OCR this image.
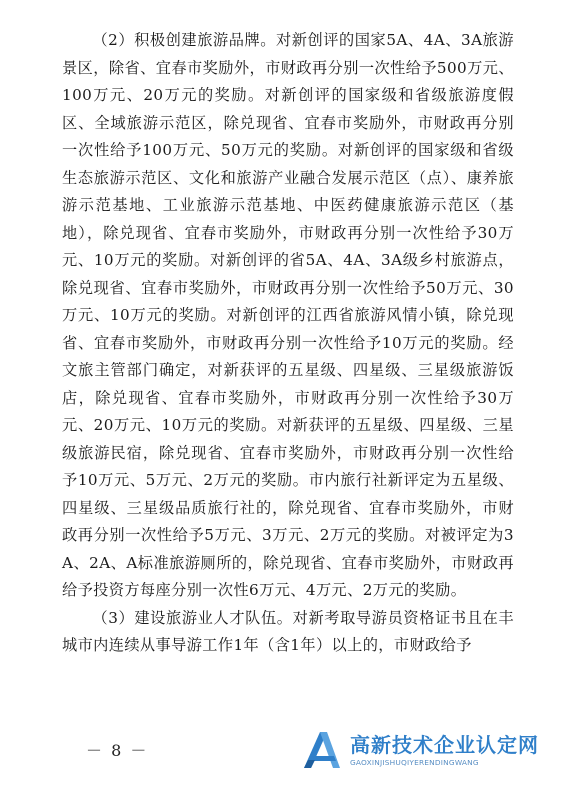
（2）积极创建旅游品牌。对新创评的国家5A、4A、3A旅游景区，除省、宜春市奖励外，市财政再分别一次性给予500万元、100万元、20万元的奖励。对新创评的国家级和省级旅游度假区、全域旅游示范区，除兑现省、宜春市奖励外，市财政再分别一次性给予100万元、50万元的奖励。对新创评的国家级和省级生态旅游示范区、文化和旅游产业融合发展示范区（点）、康养旅游示范基地、工业旅游示范基地、中医药健康旅游示范区（基地），除兑现省、宜春市奖励外，市财政再分别一次性给予30万元、10万元的奖励。对新创评的省5A、4A、3A级乡村旅游点，除兑现省、宜春市奖励外，市财政再分别一次性给予50万元、30万元、10万元的奖励。对新创评的江西省旅游风情小镇，除兑现省、宜春市奖励外，市财政再分别一次性给予10万元的奖励。经文旅主管部门确定，对新获评的五星级、四星级、三星级旅游饭店，除兑现省、宜春市奖励外，市财政再分别一次性给予30万元、20万元、10万元的奖励。对新获评的五星级、四星级、三星级旅游民宿，除兑现省、宜春市奖励外，市财政再分别一次性给予10万元、5万元、2万元的奖励。市内旅行社新评定为五星级、四星级、三星级品质旅行社的，除兑现省、宜春市奖励外，市财政再分别一次性给予5万元、3万元、2万元的奖励。对被评定为3A、2A、A标准旅游厕所的，除兑现省、宜春市奖励外，市财政再给予投资方每座分别一次性6万元、4万元、2万元的奖励。

（3）建设旅游业人才队伍。对新考取导游员资格证书且在丰城市内连续从事导游工作1年（含1年）以上的，市财政给予

－ 8 －	高新技术企业认定网
GAOXINJISHUQIYERENDINGWANG
